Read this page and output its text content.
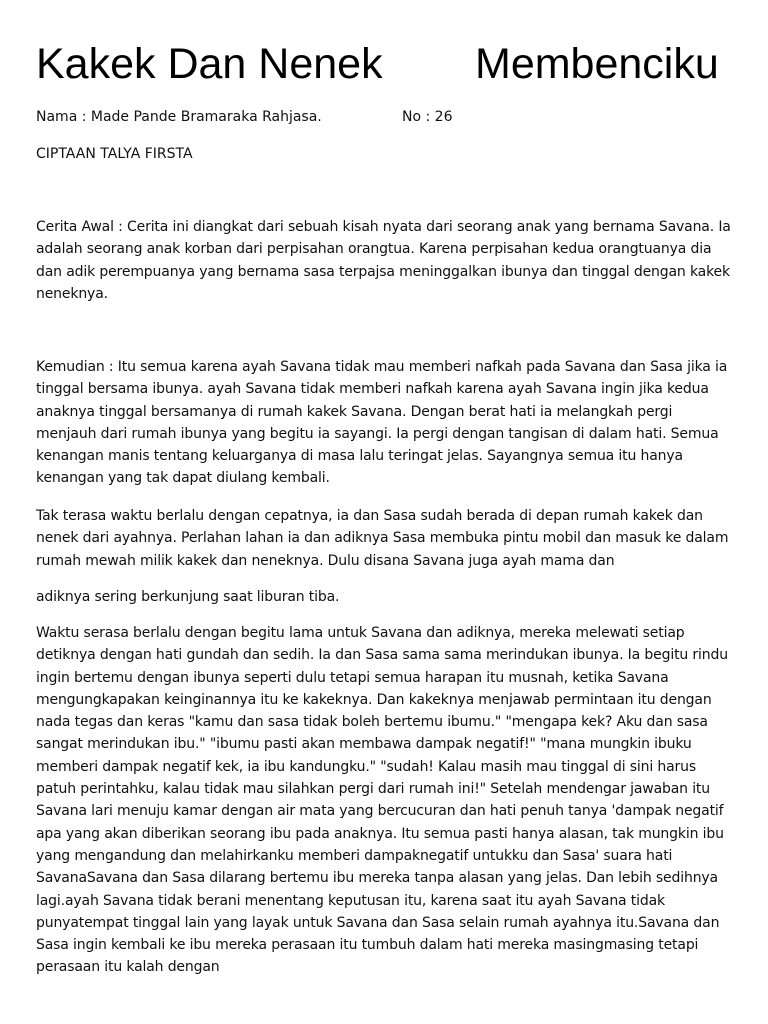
Kakek Dan Nenek Membenciku
Nama : Made Pande Bramaraka Rahjasa.	No : 26

CIPTAAN TALYA FIRSTA

Cerita Awal : Cerita ini diangkat dari sebuah kisah nyata dari seorang anak yang bernama Savana. Ia adalah seorang anak korban dari perpisahan orangtua. Karena perpisahan kedua orangtuanya dia dan adik perempuanya yang bernama sasa terpajsa meninggalkan ibunya dan tinggal dengan kakek neneknya.

Kemudian : Itu semua karena ayah Savana tidak mau memberi nafkah pada Savana dan Sasa jika ia tinggal bersama ibunya. ayah Savana tidak memberi nafkah karena ayah Savana ingin jika kedua anaknya tinggal bersamanya di rumah kakek Savana. Dengan berat hati ia melangkah pergi menjauh dari rumah ibunya yang begitu ia sayangi. Ia pergi dengan tangisan di dalam hati. Semua kenangan manis tentang keluarganya di masa lalu teringat jelas. Sayangnya semua itu hanya kenangan yang tak dapat diulang kembali.

Tak terasa waktu berlalu dengan cepatnya, ia dan Sasa sudah berada di depan rumah kakek dan nenek dari ayahnya. Perlahan lahan ia dan adiknya Sasa membuka pintu mobil dan masuk ke dalam rumah mewah milik kakek dan neneknya. Dulu disana Savana juga ayah mama dan

adiknya sering berkunjung saat liburan tiba.

Waktu serasa berlalu dengan begitu lama untuk Savana dan adiknya, mereka melewati setiap detiknya dengan hati gundah dan sedih. Ia dan Sasa sama sama merindukan ibunya. Ia begitu rindu ingin bertemu dengan ibunya seperti dulu tetapi semua harapan itu musnah, ketika Savana mengungkapakan keinginannya itu ke kakeknya. Dan kakeknya menjawab permintaan itu dengan nada tegas dan keras "kamu dan sasa tidak boleh bertemu ibumu." "mengapa kek? Aku dan sasa sangat merindukan ibu." "ibumu pasti akan membawa dampak negatif!" "mana mungkin ibuku memberi dampak negatif kek, ia ibu kandungku." "sudah! Kalau masih mau tinggal di sini harus patuh perintahku, kalau tidak mau silahkan pergi dari rumah ini!" Setelah mendengar jawaban itu Savana lari menuju kamar dengan air mata yang bercucuran dan hati penuh tanya 'dampak negatif apa yang akan diberikan seorang ibu pada anaknya. Itu semua pasti hanya alasan, tak mungkin ibu yang mengandung dan melahirkanku memberi dampaknegatif untukku dan Sasa' suara hati SavanaSavana dan Sasa dilarang bertemu ibu mereka tanpa alasan yang jelas. Dan lebih sedihnya lagi.ayah Savana tidak berani menentang keputusan itu, karena saat itu ayah Savana tidak punyatempat tinggal lain yang layak untuk Savana dan Sasa selain rumah ayahnya itu.Savana dan Sasa ingin kembali ke ibu mereka perasaan itu tumbuh dalam hati mereka masingmasing tetapi perasaan itu kalah dengan
